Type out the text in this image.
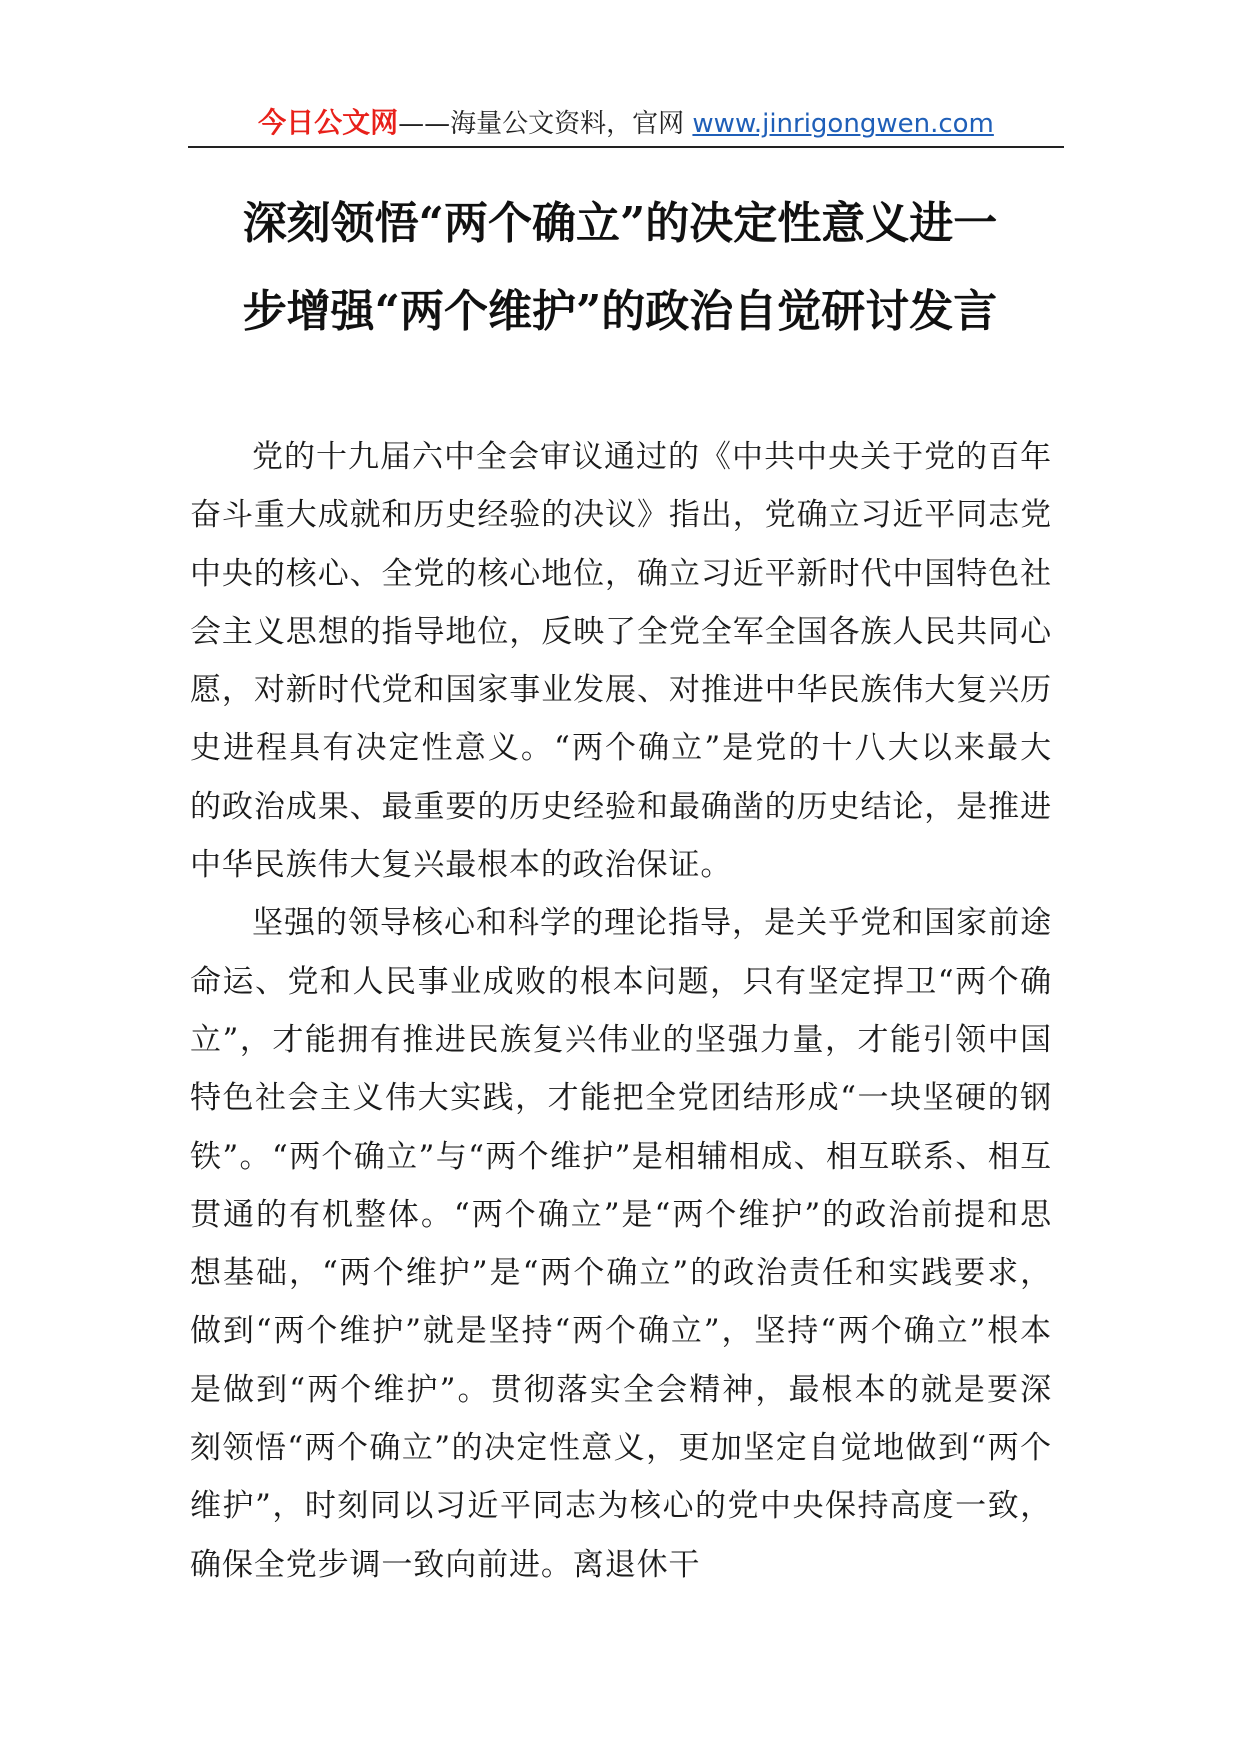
今日公文网——海量公文资料，官网 www.jinrigongwen.com
深刻领悟“两个确立”的决定性意义进一
步增强“两个维护”的政治自觉研讨发言

党的十九届六中全会审议通过的《中共中央关于党的百年奋斗重大成就和历史经验的决议》指出，党确立习近平同志党中央的核心、全党的核心地位，确立习近平新时代中国特色社会主义思想的指导地位，反映了全党全军全国各族人民共同心愿，对新时代党和国家事业发展、对推进中华民族伟大复兴历史进程具有决定性意义。“两个确立”是党的十八大以来最大的政治成果、最重要的历史经验和最确凿的历史结论，是推进中华民族伟大复兴最根本的政治保证。

坚强的领导核心和科学的理论指导，是关乎党和国家前途命运、党和人民事业成败的根本问题，只有坚定捍卫“两个确立”，才能拥有推进民族复兴伟业的坚强力量，才能引领中国特色社会主义伟大实践，才能把全党团结形成“一块坚硬的钢铁”。“两个确立”与“两个维护”是相辅相成、相互联系、相互贯通的有机整体。“两个确立”是“两个维护”的政治前提和思想基础，“两个维护”是“两个确立”的政治责任和实践要求，做到“两个维护”就是坚持“两个确立”，坚持“两个确立”根本是做到“两个维护”。贯彻落实全会精神，最根本的就是要深刻领悟“两个确立”的决定性意义，更加坚定自觉地做到“两个维护”，时刻同以习近平同志为核心的党中央保持高度一致，确保全党步调一致向前进。离退休干
